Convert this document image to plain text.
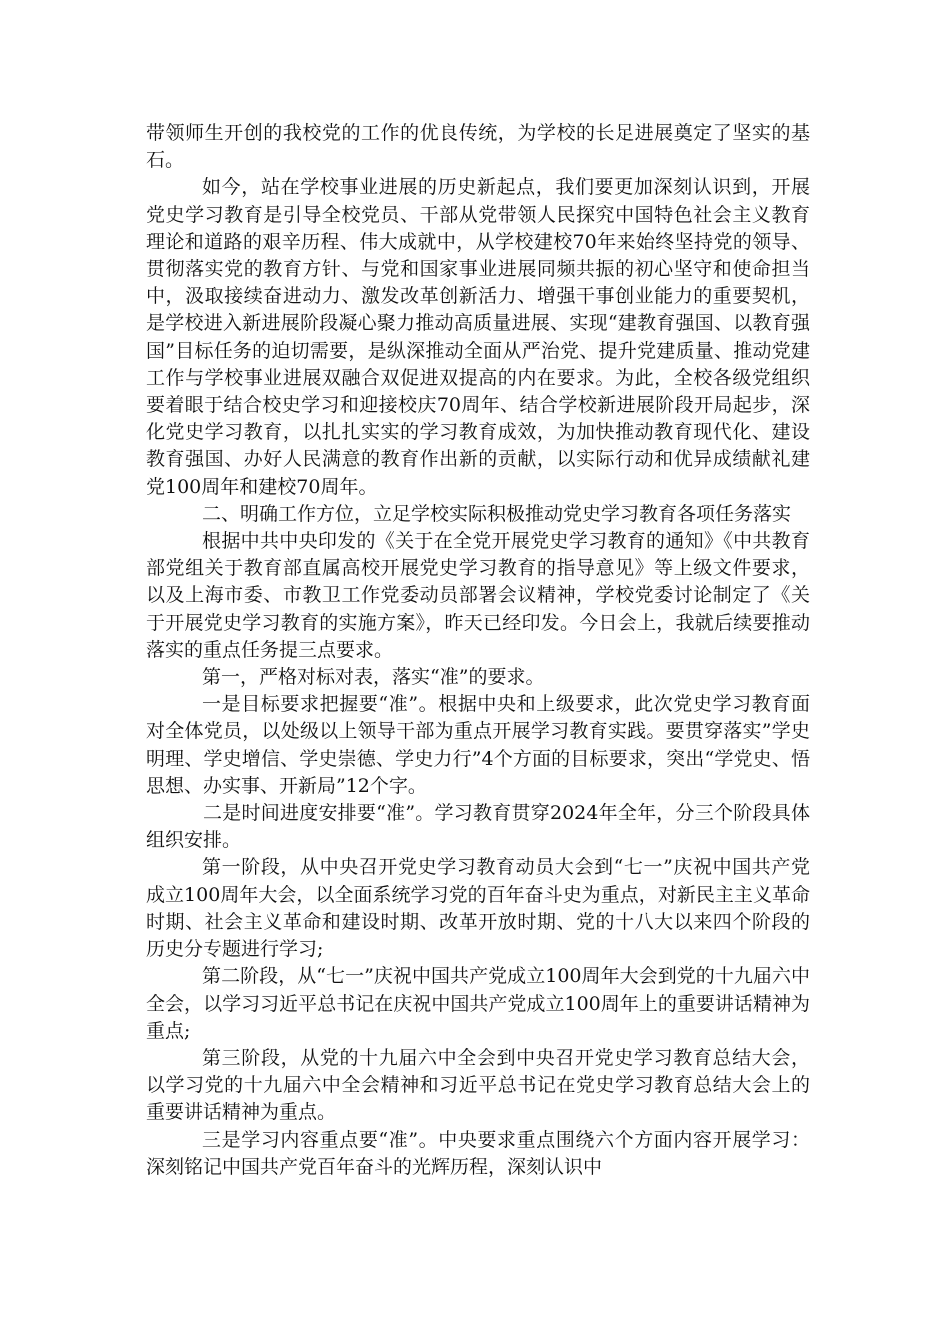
带领师生开创的我校党的工作的优良传统，为学校的长足进展奠定了坚实的基石。

如今，站在学校事业进展的历史新起点，我们要更加深刻认识到，开展党史学习教育是引导全校党员、干部从党带领人民探究中国特色社会主义教育理论和道路的艰辛历程、伟大成就中，从学校建校70年来始终坚持党的领导、贯彻落实党的教育方针、与党和国家事业进展同频共振的初心坚守和使命担当中，汲取接续奋进动力、激发改革创新活力、增强干事创业能力的重要契机，是学校进入新进展阶段凝心聚力推动高质量进展、实现“建教育强国、以教育强国”目标任务的迫切需要，是纵深推动全面从严治党、提升党建质量、推动党建工作与学校事业进展双融合双促进双提高的内在要求。为此，全校各级党组织要着眼于结合校史学习和迎接校庆70周年、结合学校新进展阶段开局起步，深化党史学习教育，以扎扎实实的学习教育成效，为加快推动教育现代化、建设教育强国、办好人民满意的教育作出新的贡献，以实际行动和优异成绩献礼建党100周年和建校70周年。

二、明确工作方位，立足学校实际积极推动党史学习教育各项任务落实

根据中共中央印发的《关于在全党开展党史学习教育的通知》《中共教育部党组关于教育部直属高校开展党史学习教育的指导意见》等上级文件要求，以及上海市委、市教卫工作党委动员部署会议精神，学校党委讨论制定了《关于开展党史学习教育的实施方案》，昨天已经印发。今日会上，我就后续要推动落实的重点任务提三点要求。

第一，严格对标对表，落实“准”的要求。

一是目标要求把握要“准”。根据中央和上级要求，此次党史学习教育面对全体党员，以处级以上领导干部为重点开展学习教育实践。要贯穿落实”学史明理、学史增信、学史崇德、学史力行”4个方面的目标要求，突出“学党史、悟思想、办实事、开新局”12个字。

二是时间进度安排要“准”。学习教育贯穿2024年全年，分三个阶段具体组织安排。

第一阶段，从中央召开党史学习教育动员大会到“七一”庆祝中国共产党成立100周年大会，以全面系统学习党的百年奋斗史为重点，对新民主主义革命时期、社会主义革命和建设时期、改革开放时期、党的十八大以来四个阶段的历史分专题进行学习;

第二阶段，从“七一”庆祝中国共产党成立100周年大会到党的十九届六中全会，以学习习近平总书记在庆祝中国共产党成立100周年上的重要讲话精神为重点;

第三阶段，从党的十九届六中全会到中央召开党史学习教育总结大会，以学习党的十九届六中全会精神和习近平总书记在党史学习教育总结大会上的重要讲话精神为重点。

三是学习内容重点要“准”。中央要求重点围绕六个方面内容开展学习：深刻铭记中国共产党百年奋斗的光辉历程，深刻认识中
